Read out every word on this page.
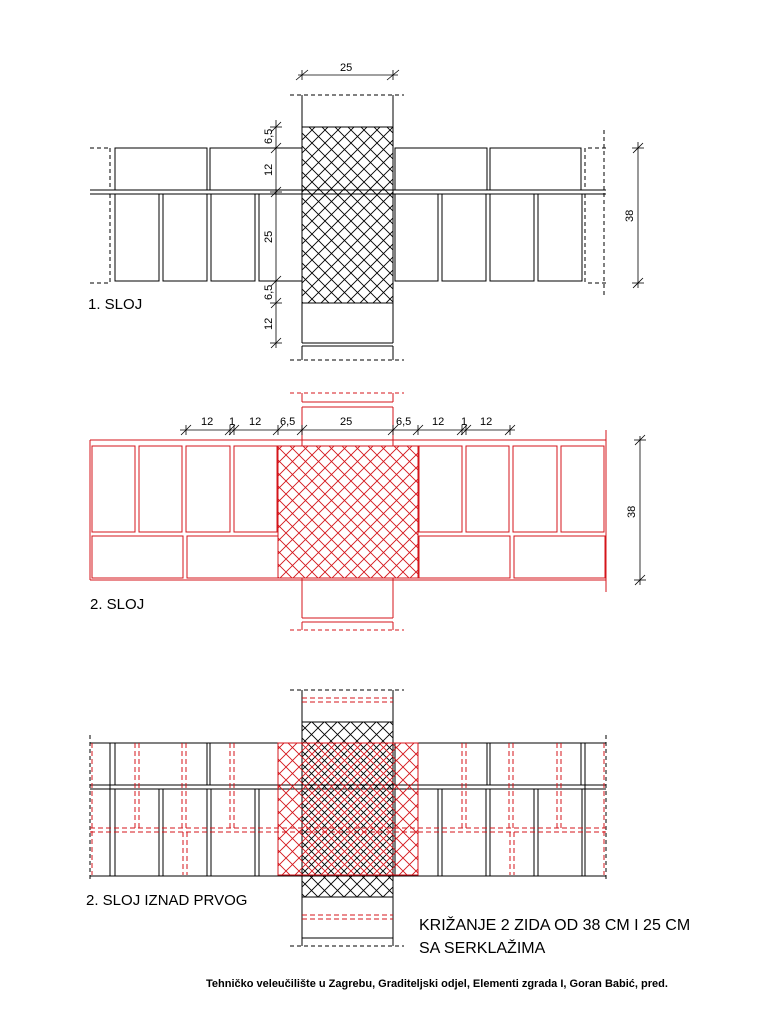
25
6,5
12
25
6,5
12
38
1. SLOJ
12 1 12 6,5	25	6,5 12 1 12
38
2. SLOJ
2. SLOJ IZNAD PRVOG
KRIŽANJE 2 ZIDA OD 38 CM I 25 CM
SA SERKLAŽIMA
Tehničko veleučilište u Zagrebu, Graditeljski odjel, Elementi zgrada I, Goran Babić, pred.
